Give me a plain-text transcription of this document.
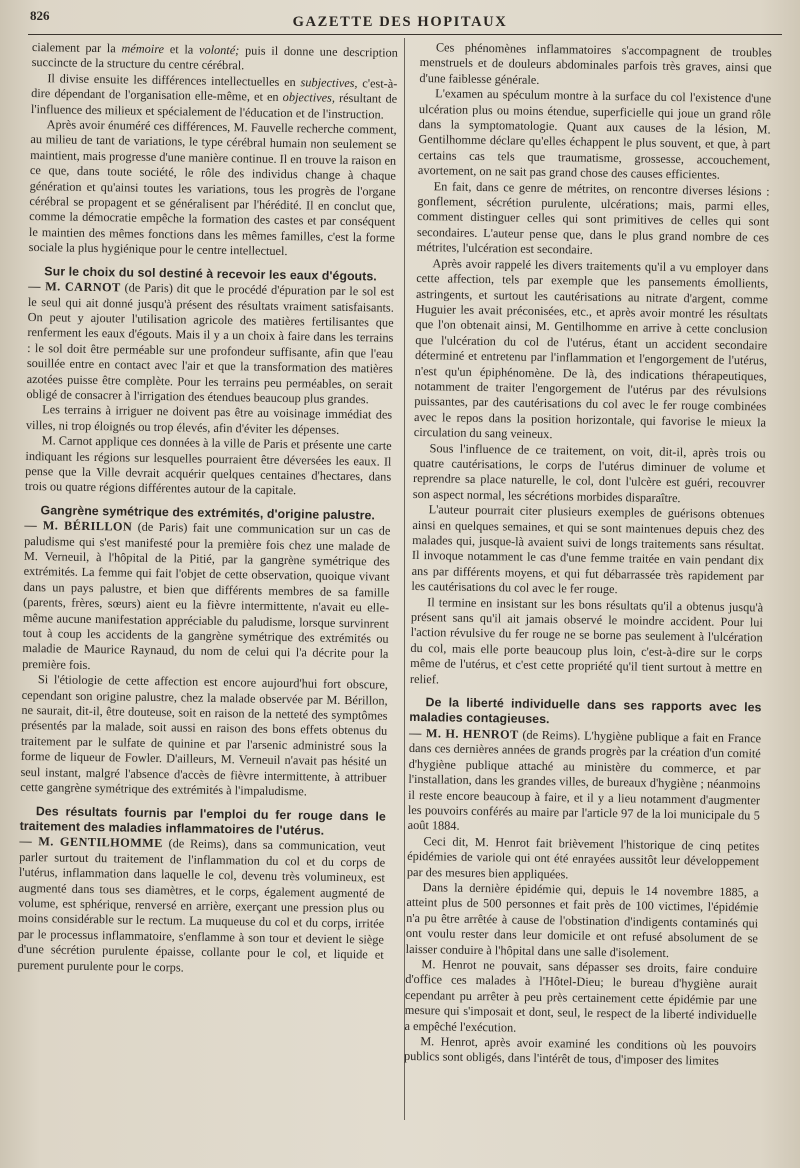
826	GAZETTE DES HOPITAUX

cialement par la mémoire et la volonté; puis il donne une description succincte de la structure du centre cérébral.

Il divise ensuite les différences intellectuelles en subjectives, c'est-à-dire dépendant de l'organisation elle-même, et en objectives, résultant de l'influence des milieux et spécialement de l'éducation et de l'instruction.

Après avoir énuméré ces différences, M. Fauvelle recherche comment, au milieu de tant de variations, le type cérébral humain non seulement se maintient, mais progresse d'une manière continue. Il en trouve la raison en ce que, dans toute société, le rôle des individus change à chaque génération et qu'ainsi toutes les variations, tous les progrès de l'organe cérébral se propagent et se généralisent par l'hérédité. Il en conclut que, comme la démocratie empêche la formation des castes et par conséquent le maintien des mêmes fonctions dans les mêmes familles, c'est la forme sociale la plus hygiénique pour le centre intellectuel.

Sur le choix du sol destiné à recevoir les eaux d'égouts.

— M. CARNOT (de Paris) dit que le procédé d'épuration par le sol est le seul qui ait donné jusqu'à présent des résultats vraiment satisfaisants. On peut y ajouter l'utilisation agricole des matières fertilisantes que renferment les eaux d'égouts. Mais il y a un choix à faire dans les terrains : le sol doit être perméable sur une profondeur suffisante, afin que l'eau souillée entre en contact avec l'air et que la transformation des matières azotées puisse être complète. Pour les terrains peu perméables, on serait obligé de consacrer à l'irrigation des étendues beaucoup plus grandes.

Les terrains à irriguer ne doivent pas être au voisinage immédiat des villes, ni trop éloignés ou trop élevés, afin d'éviter les dépenses.

M. Carnot applique ces données à la ville de Paris et présente une carte indiquant les régions sur lesquelles pourraient être déversées les eaux. Il pense que la Ville devrait acquérir quelques centaines d'hectares, dans trois ou quatre régions différentes autour de la capitale.

Gangrène symétrique des extrémités, d'origine palustre.

— M. BÉRILLON (de Paris) fait une communication sur un cas de paludisme qui s'est manifesté pour la première fois chez une malade de M. Verneuil, à l'hôpital de la Pitié, par la gangrène symétrique des extrémités. La femme qui fait l'objet de cette observation, quoique vivant dans un pays palustre, et bien que différents membres de sa famille (parents, frères, sœurs) aient eu la fièvre intermittente, n'avait eu elle-même aucune manifestation appréciable du paludisme, lorsque survinrent tout à coup les accidents de la gangrène symétrique des extrémités ou maladie de Maurice Raynaud, du nom de celui qui l'a décrite pour la première fois.

Si l'étiologie de cette affection est encore aujourd'hui fort obscure, cependant son origine palustre, chez la malade observée par M. Bérillon, ne saurait, dit-il, être douteuse, soit en raison de la netteté des symptômes présentés par la malade, soit aussi en raison des bons effets obtenus du traitement par le sulfate de quinine et par l'arsenic administré sous la forme de liqueur de Fowler. D'ailleurs, M. Verneuil n'avait pas hésité un seul instant, malgré l'absence d'accès de fièvre intermittente, à attribuer cette gangrène symétrique des extrémités à l'impaludisme.

Des résultats fournis par l'emploi du fer rouge dans le traitement des maladies inflammatoires de l'utérus.

— M. GENTILHOMME (de Reims), dans sa communication, veut parler surtout du traitement de l'inflammation du col et du corps de l'utérus, inflammation dans laquelle le col, devenu très volumineux, est augmenté dans tous ses diamètres, et le corps, également augmenté de volume, est sphérique, renversé en arrière, exerçant une pression plus ou moins considérable sur le rectum. La muqueuse du col et du corps, irritée par le processus inflammatoire, s'enflamme à son tour et devient le siège d'une sécrétion purulente épaisse, collante pour le col, et liquide et purement purulente pour le corps.

Ces phénomènes inflammatoires s'accompagnent de troubles menstruels et de douleurs abdominales parfois très graves, ainsi que d'une faiblesse générale.

L'examen au spéculum montre à la surface du col l'existence d'une ulcération plus ou moins étendue, superficielle qui joue un grand rôle dans la symptomatologie. Quant aux causes de la lésion, M. Gentilhomme déclare qu'elles échappent le plus souvent, et que, à part certains cas tels que traumatisme, grossesse, accouchement, avortement, on ne sait pas grand chose des causes efficientes.

En fait, dans ce genre de métrites, on rencontre diverses lésions : gonflement, sécrétion purulente, ulcérations; mais, parmi elles, comment distinguer celles qui sont primitives de celles qui sont secondaires. L'auteur pense que, dans le plus grand nombre de ces métrites, l'ulcération est secondaire.

Après avoir rappelé les divers traitements qu'il a vu employer dans cette affection, tels par exemple que les pansements émollients, astringents, et surtout les cautérisations au nitrate d'argent, comme Huguier les avait préconisées, etc., et après avoir montré les résultats que l'on obtenait ainsi, M. Gentilhomme en arrive à cette conclusion que l'ulcération du col de l'utérus, étant un accident secondaire déterminé et entretenu par l'inflammation et l'engorgement de l'utérus, n'est qu'un épiphénomène. De là, des indications thérapeutiques, notamment de traiter l'engorgement de l'utérus par des révulsions puissantes, par des cautérisations du col avec le fer rouge combinées avec le repos dans la position horizontale, qui favorise le mieux la circulation du sang veineux.

Sous l'influence de ce traitement, on voit, dit-il, après trois ou quatre cautérisations, le corps de l'utérus diminuer de volume et reprendre sa place naturelle, le col, dont l'ulcère est guéri, recouvrer son aspect normal, les sécrétions morbides disparaître.

L'auteur pourrait citer plusieurs exemples de guérisons obtenues ainsi en quelques semaines, et qui se sont maintenues depuis chez des malades qui, jusque-là avaient suivi de longs traitements sans résultat. Il invoque notamment le cas d'une femme traitée en vain pendant dix ans par différents moyens, et qui fut débarrassée très rapidement par les cautérisations du col avec le fer rouge.

Il termine en insistant sur les bons résultats qu'il a obtenus jusqu'à présent sans qu'il ait jamais observé le moindre accident. Pour lui l'action révulsive du fer rouge ne se borne pas seulement à l'ulcération du col, mais elle porte beaucoup plus loin, c'est-à-dire sur le corps même de l'utérus, et c'est cette propriété qu'il tient surtout à mettre en relief.

De la liberté individuelle dans ses rapports avec les maladies contagieuses.

— M. H. HENROT (de Reims). L'hygiène publique a fait en France dans ces dernières années de grands progrès par la création d'un comité d'hygiène publique attaché au ministère du commerce, et par l'installation, dans les grandes villes, de bureaux d'hygiène ; néanmoins il reste encore beaucoup à faire, et il y a lieu notamment d'augmenter les pouvoirs conférés au maire par l'article 97 de la loi municipale du 5 août 1884.

Ceci dit, M. Henrot fait brièvement l'historique de cinq petites épidémies de variole qui ont été enrayées aussitôt leur développement par des mesures bien appliquées.

Dans la dernière épidémie qui, depuis le 14 novembre 1885, a atteint plus de 500 personnes et fait près de 100 victimes, l'épidémie n'a pu être arrêtée à cause de l'obstination d'indigents contaminés qui ont voulu rester dans leur domicile et ont refusé absolument de se laisser conduire à l'hôpital dans une salle d'isolement.

M. Henrot ne pouvait, sans dépasser ses droits, faire conduire d'office ces malades à l'Hôtel-Dieu; le bureau d'hygiène aurait cependant pu arrêter à peu près certainement cette épidémie par une mesure qui s'imposait et dont, seul, le respect de la liberté individuelle a empêché l'exécution.

M. Henrot, après avoir examiné les conditions où les pouvoirs publics sont obligés, dans l'intérêt de tous, d'imposer des limites
